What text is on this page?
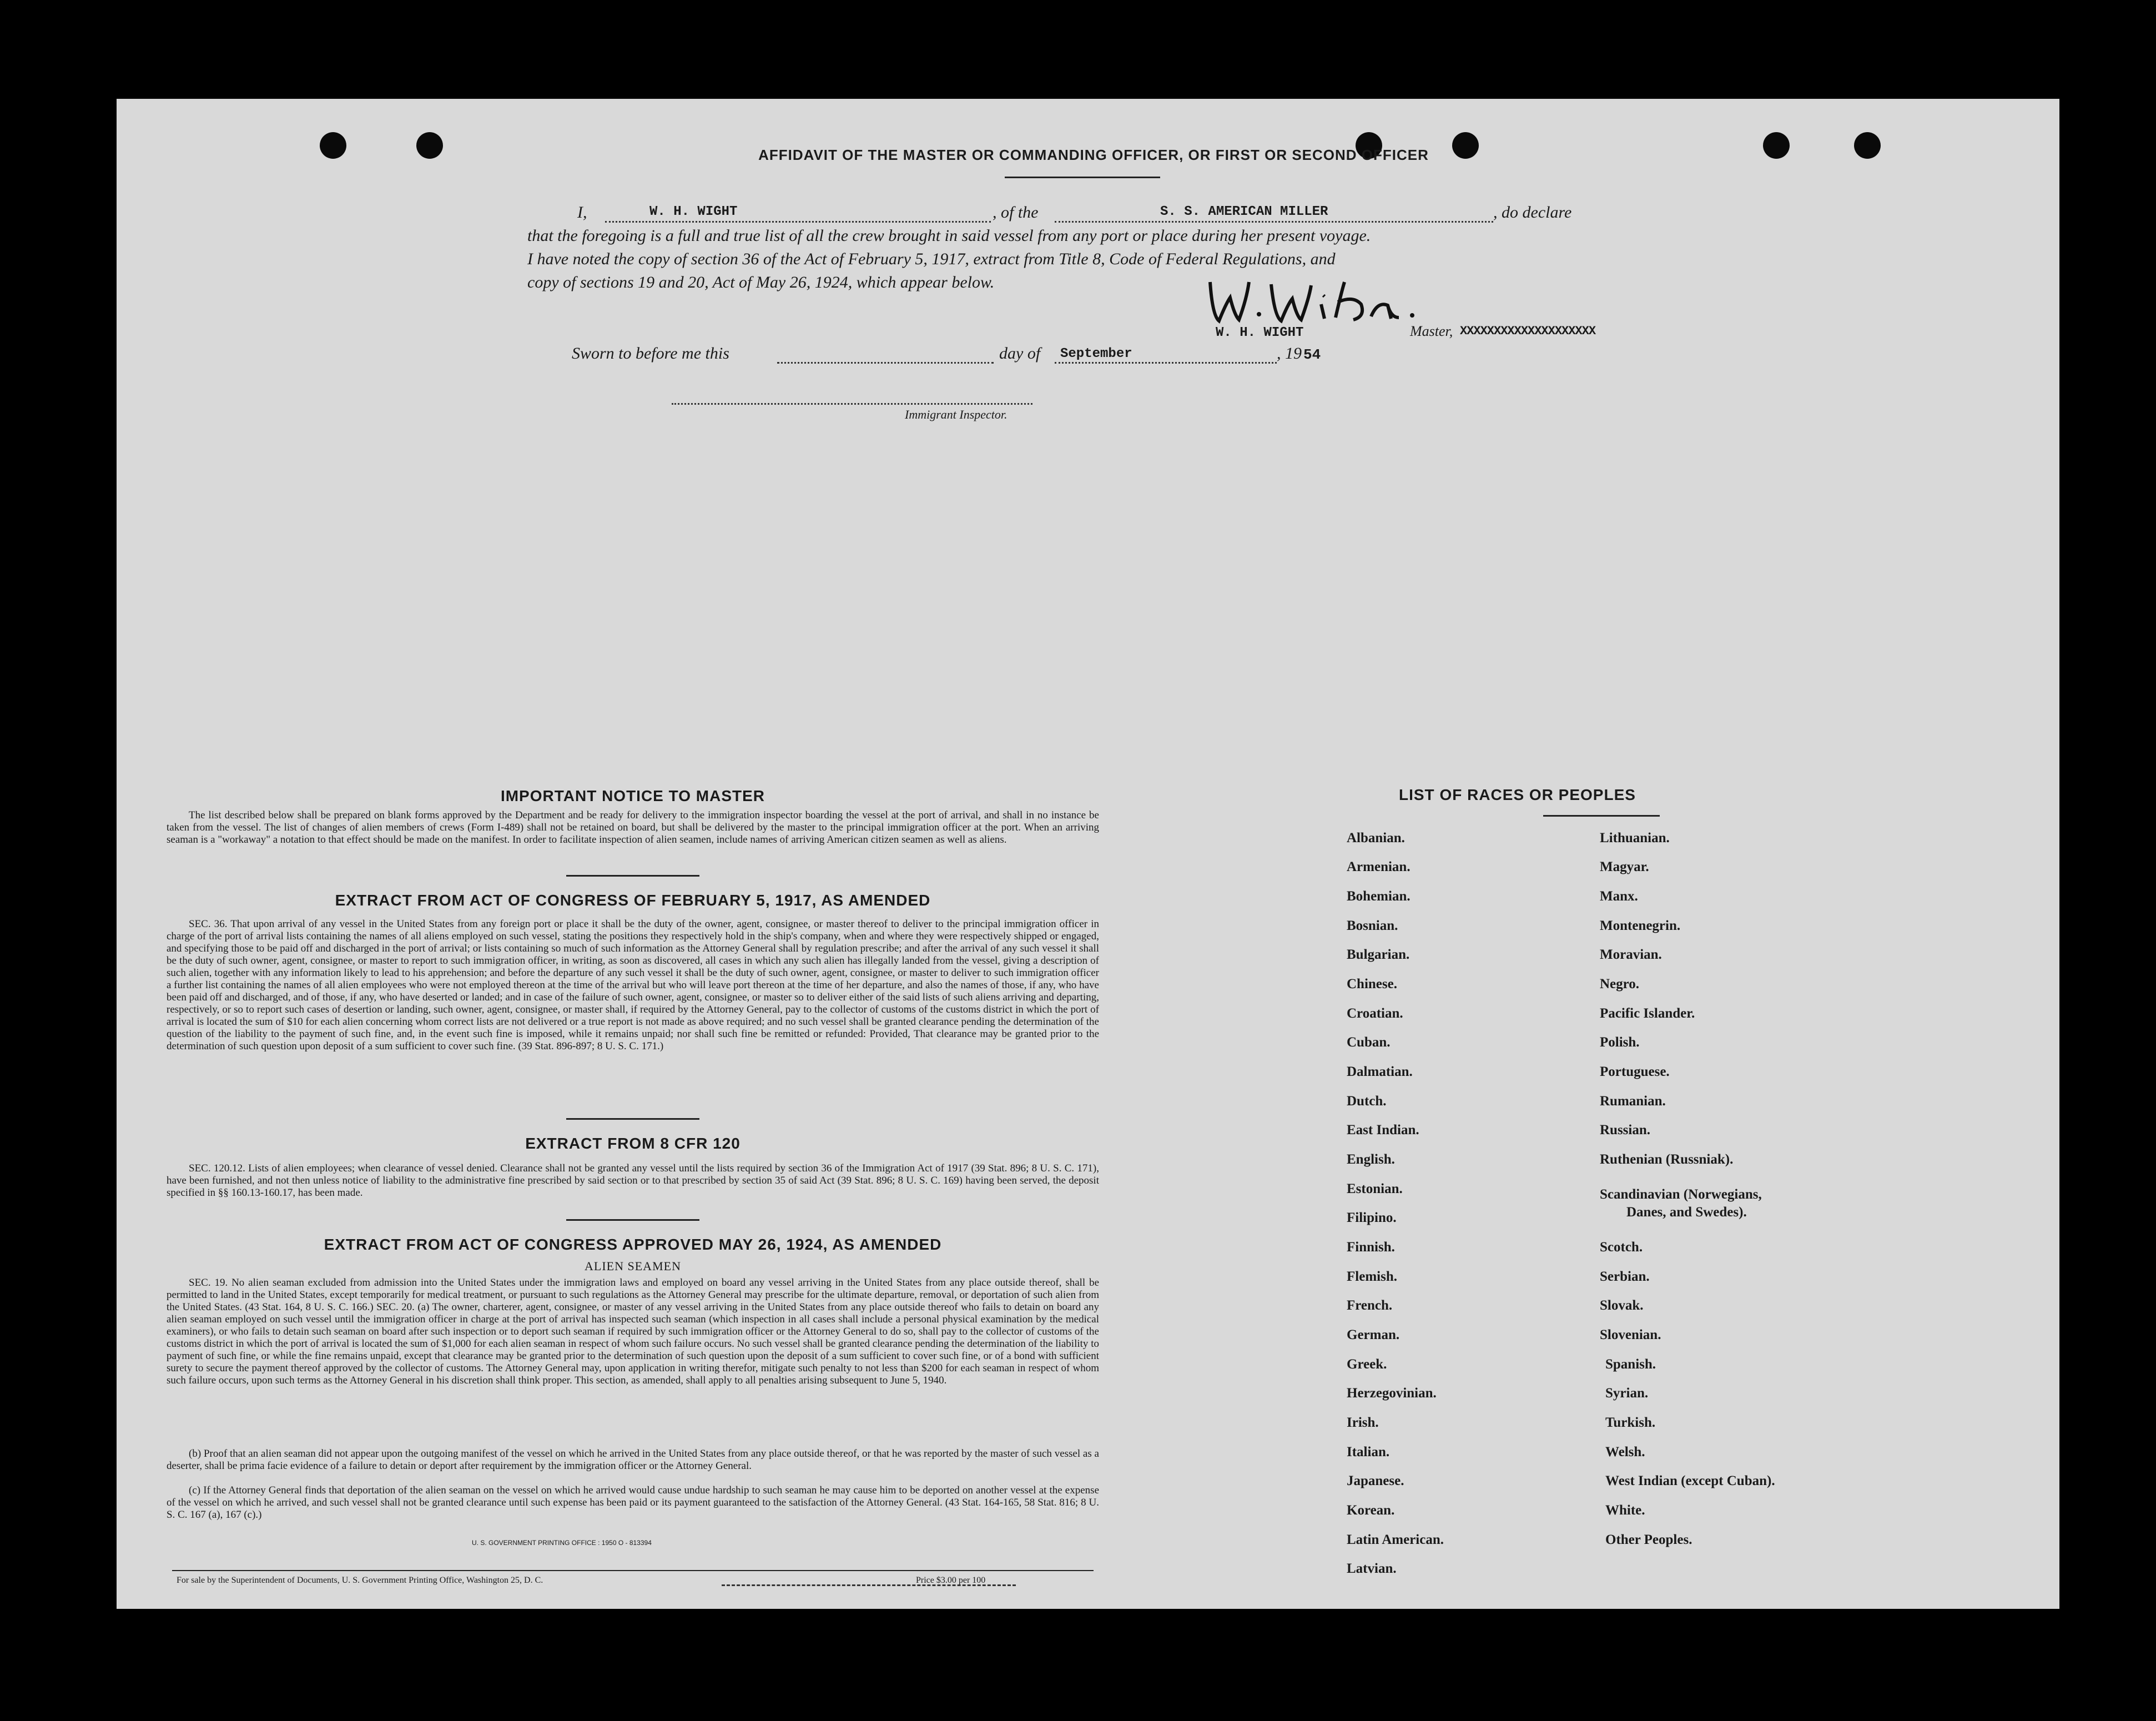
AFFIDAVIT OF THE MASTER OR COMMANDING OFFICER, OR FIRST OR SECOND OFFICER
I,	W. H. WIGHT	, of the	S. S. AMERICAN MILLER	, do declare
that the foregoing is a full and true list of all the crew brought in said vessel from any port or place during her present voyage.
I have noted the copy of section 36 of the Act of February 5, 1917, extract from Title 8, Code of Federal Regulations, and
copy of sections 19 and 20, Act of May 26, 1924, which appear below.
W. H. WIGHT	Master, XXXXXXXXXXXXXXXXXXXX
Sworn to before me this	day of September	, 19 54
Immigrant Inspector.
IMPORTANT NOTICE TO MASTER
The list described below shall be prepared on blank forms approved by the Department and be ready for delivery to the immigration inspector boarding the vessel at the port of arrival, and shall in no instance be taken from the vessel. The list of changes of alien members of crews (Form I-489) shall not be retained on board, but shall be delivered by the master to the principal immigration officer at the port. When an arriving seaman is a "workaway" a notation to that effect should be made on the manifest. In order to facilitate inspection of alien seamen, include names of arriving American citizen seamen as well as aliens.
EXTRACT FROM ACT OF CONGRESS OF FEBRUARY 5, 1917, AS AMENDED
SEC. 36. That upon arrival of any vessel in the United States from any foreign port or place it shall be the duty of the owner, agent, consignee, or master thereof to deliver to the principal immigration officer in charge of the port of arrival lists containing the names of all aliens employed on such vessel, stating the positions they respectively hold in the ship's company, when and where they were respectively shipped or engaged, and specifying those to be paid off and discharged in the port of arrival; or lists containing so much of such information as the Attorney General shall by regulation prescribe; and after the arrival of any such vessel it shall be the duty of such owner, agent, consignee, or master to report to such immigration officer, in writing, as soon as discovered, all cases in which any such alien has illegally landed from the vessel, giving a description of such alien, together with any information likely to lead to his apprehension; and before the departure of any such vessel it shall be the duty of such owner, agent, consignee, or master to deliver to such immigration officer a further list containing the names of all alien employees who were not employed thereon at the time of the arrival but who will leave port thereon at the time of her departure, and also the names of those, if any, who have been paid off and discharged, and of those, if any, who have deserted or landed; and in case of the failure of such owner, agent, consignee, or master so to deliver either of the said lists of such aliens arriving and departing, respectively, or so to report such cases of desertion or landing, such owner, agent, consignee, or master shall, if required by the Attorney General, pay to the collector of customs of the customs district in which the port of arrival is located the sum of $10 for each alien concerning whom correct lists are not delivered or a true report is not made as above required; and no such vessel shall be granted clearance pending the determination of the question of the liability to the payment of such fine, and, in the event such fine is imposed, while it remains unpaid; nor shall such fine be remitted or refunded: Provided, That clearance may be granted prior to the determination of such question upon deposit of a sum sufficient to cover such fine. (39 Stat. 896-897; 8 U. S. C. 171.)
EXTRACT FROM 8 CFR 120
SEC. 120.12. Lists of alien employees; when clearance of vessel denied. Clearance shall not be granted any vessel until the lists required by section 36 of the Immigration Act of 1917 (39 Stat. 896; 8 U. S. C. 171), have been furnished, and not then unless notice of liability to the administrative fine prescribed by said section or to that prescribed by section 35 of said Act (39 Stat. 896; 8 U. S. C. 169) having been served, the deposit specified in §§ 160.13-160.17, has been made.
EXTRACT FROM ACT OF CONGRESS APPROVED MAY 26, 1924, AS AMENDED
ALIEN SEAMEN
SEC. 19. No alien seaman excluded from admission into the United States under the immigration laws and employed on board any vessel arriving in the United States from any place outside thereof, shall be permitted to land in the United States, except temporarily for medical treatment, or pursuant to such regulations as the Attorney General may prescribe for the ultimate departure, removal, or deportation of such alien from the United States. (43 Stat. 164, 8 U. S. C. 166.) SEC. 20. (a) The owner, charterer, agent, consignee, or master of any vessel arriving in the United States from any place outside thereof who fails to detain on board any alien seaman employed on such vessel until the immigration officer in charge at the port of arrival has inspected such seaman (which inspection in all cases shall include a personal physical examination by the medical examiners), or who fails to detain such seaman on board after such inspection or to deport such seaman if required by such immigration officer or the Attorney General to do so, shall pay to the collector of customs of the customs district in which the port of arrival is located the sum of $1,000 for each alien seaman in respect of whom such failure occurs. No such vessel shall be granted clearance pending the determination of the liability to payment of such fine, or while the fine remains unpaid, except that clearance may be granted prior to the determination of such question upon the deposit of a sum sufficient to cover such fine, or of a bond with sufficient surety to secure the payment thereof approved by the collector of customs. The Attorney General may, upon application in writing therefor, mitigate such penalty to not less than $200 for each seaman in respect of whom such failure occurs, upon such terms as the Attorney General in his discretion shall think proper. This section, as amended, shall apply to all penalties arising subsequent to June 5, 1940.
(b) Proof that an alien seaman did not appear upon the outgoing manifest of the vessel on which he arrived in the United States from any place outside thereof, or that he was reported by the master of such vessel as a deserter, shall be prima facie evidence of a failure to detain or deport after requirement by the immigration officer or the Attorney General.
(c) If the Attorney General finds that deportation of the alien seaman on the vessel on which he arrived would cause undue hardship to such seaman he may cause him to be deported on another vessel at the expense of the vessel on which he arrived, and such vessel shall not be granted clearance until such expense has been paid or its payment guaranteed to the satisfaction of the Attorney General. (43 Stat. 164-165, 58 Stat. 816; 8 U. S. C. 167 (a), 167 (c).)
U. S. GOVERNMENT PRINTING OFFICE : 1950 O - 813394
For sale by the Superintendent of Documents, U. S. Government Printing Office, Washington 25, D. C.	Price $3.00 per 100
LIST OF RACES OR PEOPLES
Albanian.
Armenian.
Bohemian.
Bosnian.
Bulgarian.
Chinese.
Croatian.
Cuban.
Dalmatian.
Dutch.
East Indian.
English.
Estonian.
Filipino.
Finnish.
Flemish.
French.
German.
Greek.
Herzegovinian.
Irish.
Italian.
Japanese.
Korean.
Latin American.
Latvian.
Lithuanian.
Magyar.
Manx.
Montenegrin.
Moravian.
Negro.
Pacific Islander.
Polish.
Portuguese.
Rumanian.
Russian.
Ruthenian (Russniak).
Scandinavian (Norwegians,
Danes, and Swedes).
Scotch.
Serbian.
Slovak.
Slovenian.
Spanish.
Syrian.
Turkish.
Welsh.
West Indian (except Cuban).
White.
Other Peoples.
